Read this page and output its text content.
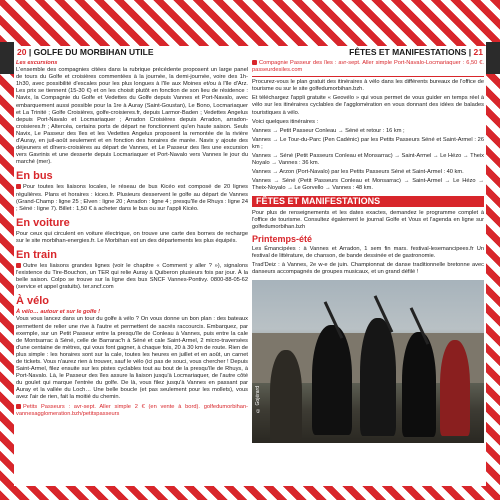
20 | GOLFE DU MORBIHAN UTILE	FÊTES ET MANIFESTATIONS | 21
Les excursions

L'ensemble des compagnies citées dans la rubrique précédente proposent un large panel de tours du Golfe et croisières commentées à la journée, la demi-journée, voire des 1h-1h30, avec possibilité d'escales pour les plus longues à l'île aux Moines et/ou à l'île d'Arz. Les prix se tiennent (15-30 €) et on les choisit plutôt en fonction de son lieu de résidence : Navix, la Compagnie du Golfe et Vedettes du Golfe depuis Vannes et Port-Navalo, avec embarquement aussi possible pour la 1re à Auray (Saint-Goustan), Le Bono, Locmariaquer et La Trinité ; Golfe Croisières, golfe-croisieres.fr, depuis Larmor-Baden ; Vedettes Angelus depuis Port-Navalo et Locmariaquer ; Arradon Croisières depuis Arradon, arradon-croisieres.fr ; Altercéa, certains ports de départ ne fonctionnent qu'en haute saison. Seuls Navix, Le Passeur des îles et les Vedettes Angelus proposent la remontée de la rivière d'Auray, en juil-août seulement et en fonction des horaires de marée. Navix y ajoute des déjeuners et dîners-croisières au départ de Vannes, et Le Passeur des îles une excursion vers Gavrinis et une desserte depuis Locmariaquer et Port-Navalo vers Vannes le jour du marché (mer).

En bus

Pour toutes les liaisons locales, le réseau de bus Kicéo est composé de 20 lignes régulières. Plans et horaires : kiceo.fr. Plusieurs desservent le golfe au départ de Vannes (Grand-Champ : ligne 25 ; Elven : ligne 20 ; Arradon : ligne 4 ; presqu'île de Rhuys : ligne 24 ; Séné : ligne 7). Billet : 1,50 € à acheter dans le bus ou sur l'appli Kicéo.

En voiture

Pour ceux qui circulent en voiture électrique, on trouve une carte des bornes de recharge sur le site morbihan-energies.fr. Le Morbihan est un des départements les plus équipés.

En train

Outre les liaisons grandes lignes (voir le chapitre « Comment y aller ? »), signalons l'existence du Tire-Bouchon, un TER qui relie Auray à Quiberon plusieurs fois par jour. À la belle saison. Colpo se trouve sur la ligne des bus SNCF Vannes-Pontivy. 0800-88-05-62 (service et appel gratuits). ter.sncf.com

À vélo
À vélo… autour et sur le golfe !

Vous vous lancez dans un tour du golfe à vélo ? On vous donne un bon plan : des bateaux permettent de relier une rive à l'autre et permettent de sacrés raccourcis. Embarquez, par exemple, sur un Petit Passeur entre la presqu'île de Conleau à Vannes, puis entre la cale de Montsarrac à Séné, celle de Barrarac'h à Séné et cale Saint-Armel, 2 micro-traversées d'une centaine de mètres, qui vous font gagner, à chaque fois, 20 à 30 km de route. Rien de plus simple : les horaires sont sur la cale, toutes les heures en juillet et en août, un carnet de tickets. Vous n'aurez rien à trouver, sauf le vélo (ici pas de souci, vous chercher ! Depuis Saint-Armel, filez ensuite sur les pistes cyclables tout au bout de la presqu'île de Rhuys, à Port-Navalo. Là, le Passeur des îles assure la liaison jusqu'à Locmariaquer, de l'autre côté du goulet qui marque l'entrée du golfe. De là, vous filez jusqu'à Vannes en passant par Auray et la vallée du Loch… Une belle boucle (et pas seulement pour les mollets), vous avez l'air de rien, fait la moitié du chemin.

Petits Passeurs : avr-sept. Aller simple 2 € (en vente à bord). golfedumorbihan-vannesagglomeration.bzh/petitspasseurs

Compagnie Passeur des îles : avr-sept. Aller simple Port-Navalo-Locmariaquer : 6,50 €. passeurdesiles.com

Procurez-vous le plan gratuit des itinéraires à vélo dans les différents bureaux de l'office de tourisme ou sur le site golfedumorbihan.bzh.

Et téléchargez l'appli gratuite « Geovélo » qui vous permet de vous guider en temps réel à vélo sur les itinéraires cyclables de l'agglomération en vous donnant des idées de balades touristiques à vélo.

Voici quelques itinéraires :

Vannes → Petit Passeur Conleau → Séné et retour : 16 km ;

Vannes → Le Tour-du-Parc (Pen Cadénic) par les Petits Passeurs Séné et Saint-Armel : 26 km ;

Vannes → Séné (Petit Passeurs Conleau et Monsarrac) → Saint-Armel → Le Hézo → Theix Noyalo → Vannes : 36 km.

Vannes → Arzon (Port-Navalo) par les Petits Passeurs Séné et Saint-Armel : 40 km.

Vannes → Séné (Petit Passeurs Conleau et Monsarrac) → Saint-Armel → Le Hézo → Theix-Noyalo → Le Gorvello → Vannes : 48 km.

FÊTES ET MANIFESTATIONS

Pour plus de renseignements et les dates exactes, demandez le programme complet à l'office de tourisme. Consultez également le journal Golfe et Vous et l'agenda en ligne sur golfedumorbihan.bzh

Printemps-été

Les Émancipées : à Vannes et Arradon, 1 sem fin mars. festival-lesemancipees.fr Un festival de littérature, de chanson, de bande dessinée et de gastronomie.

Trad'Deiz : à Vannes, 2e w-e de juin. Championnat de danse traditionnelle bretonne avec danseurs accompagnés de groupes musicaux, et un grand défilé !

© Gojérard
